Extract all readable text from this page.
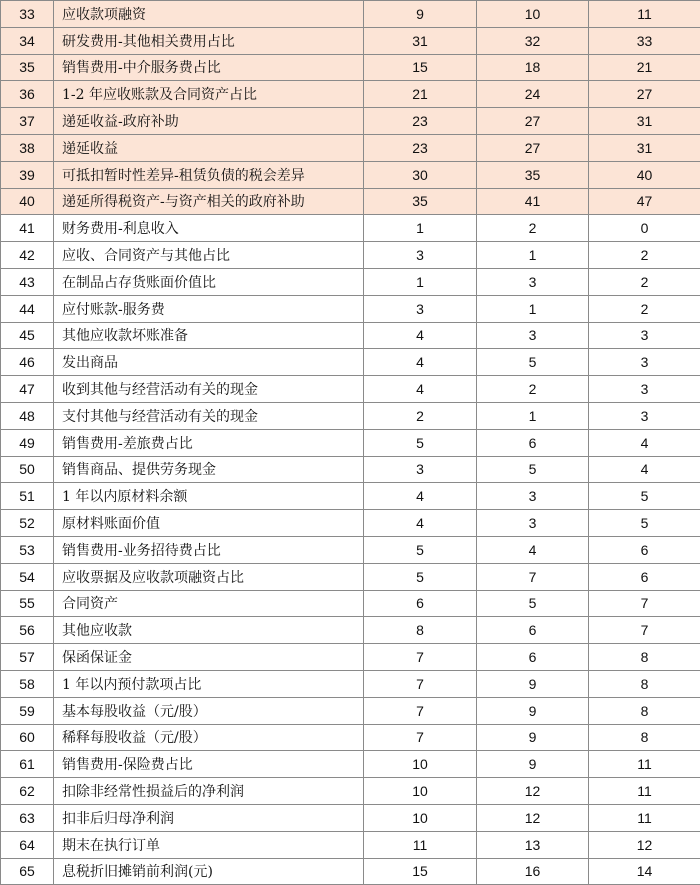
33	应收款项融资	9	10	11
34	研发费用-其他相关费用占比	31	32	33
35	销售费用-中介服务费占比	15	18	21
36	1-2 年应收账款及合同资产占比	21	24	27
37	递延收益-政府补助	23	27	31
38	递延收益	23	27	31
39	可抵扣暂时性差异-租赁负债的税会差异	30	35	40
40	递延所得税资产-与资产相关的政府补助	35	41	47
41	财务费用-利息收入	1	2	0
42	应收、合同资产与其他占比	3	1	2
43	在制品占存货账面价值比	1	3	2
44	应付账款-服务费	3	1	2
45	其他应收款坏账准备	4	3	3
46	发出商品	4	5	3
47	收到其他与经营活动有关的现金	4	2	3
48	支付其他与经营活动有关的现金	2	1	3
49	销售费用-差旅费占比	5	6	4
50	销售商品、提供劳务现金	3	5	4
51	1 年以内原材料余额	4	3	5
52	原材料账面价值	4	3	5
53	销售费用-业务招待费占比	5	4	6
54	应收票据及应收款项融资占比	5	7	6
55	合同资产	6	5	7
56	其他应收款	8	6	7
57	保函保证金	7	6	8
58	1 年以内预付款项占比	7	9	8
59	基本每股收益（元/股）	7	9	8
60	稀释每股收益（元/股）	7	9	8
61	销售费用-保险费占比	10	9	11
62	扣除非经常性损益后的净利润	10	12	11
63	扣非后归母净利润	10	12	11
64	期末在执行订单	11	13	12
65	息税折旧摊销前利润(元)	15	16	14
